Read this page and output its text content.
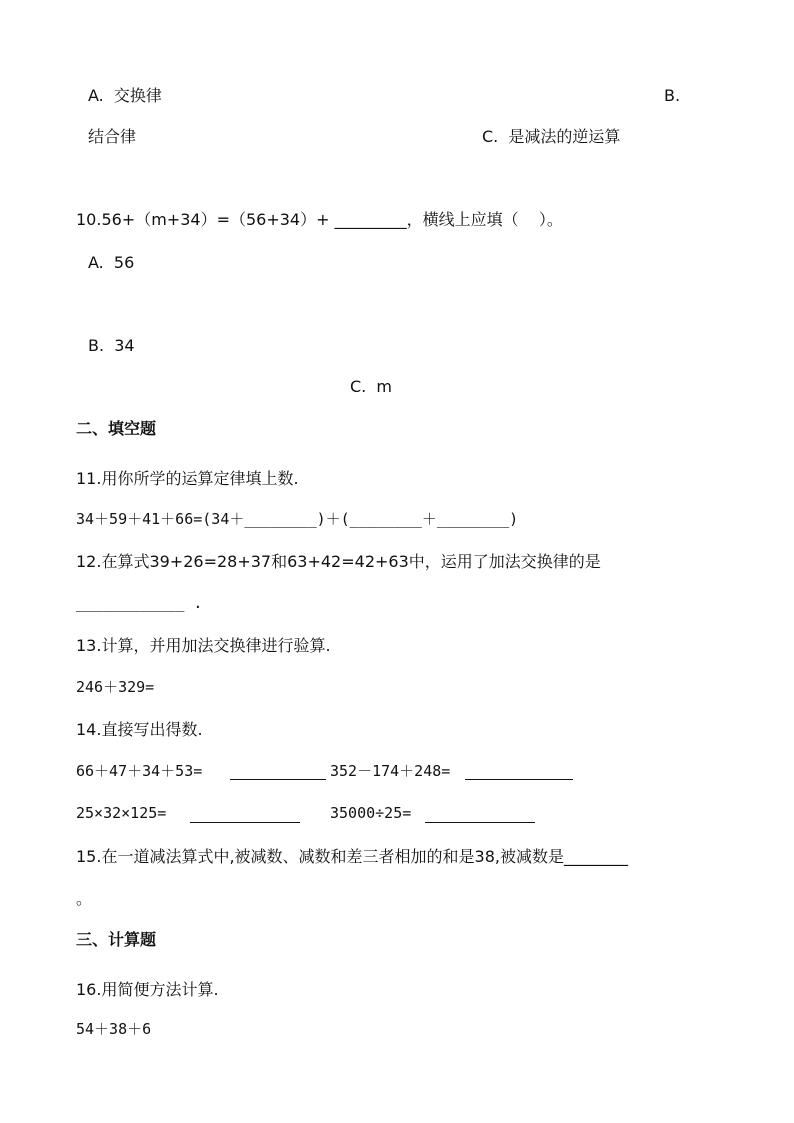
A.  交换律	B.
结合律	C.  是减法的逆运算
10.56+（m+34）=（56+34）+ _________，横线上应填（    ）。
A.  56
B.  34
C.  m
二、填空题
11.用你所学的运算定律填上数.
34＋59＋41＋66=(34＋________)＋(________＋________)
12.在算式39+26=28+37和63+42=42+63中，运用了加法交换律的是
____________ .
13.计算，并用加法交换律进行验算.
246＋329=
14.直接写出得数.
66＋47＋34＋53=	352－174＋248=
25×32×125=	35000÷25=
15.在一道减法算式中,被减数、减数和差三者相加的和是38,被减数是________
。
三、计算题
16.用简便方法计算.
54＋38＋6
